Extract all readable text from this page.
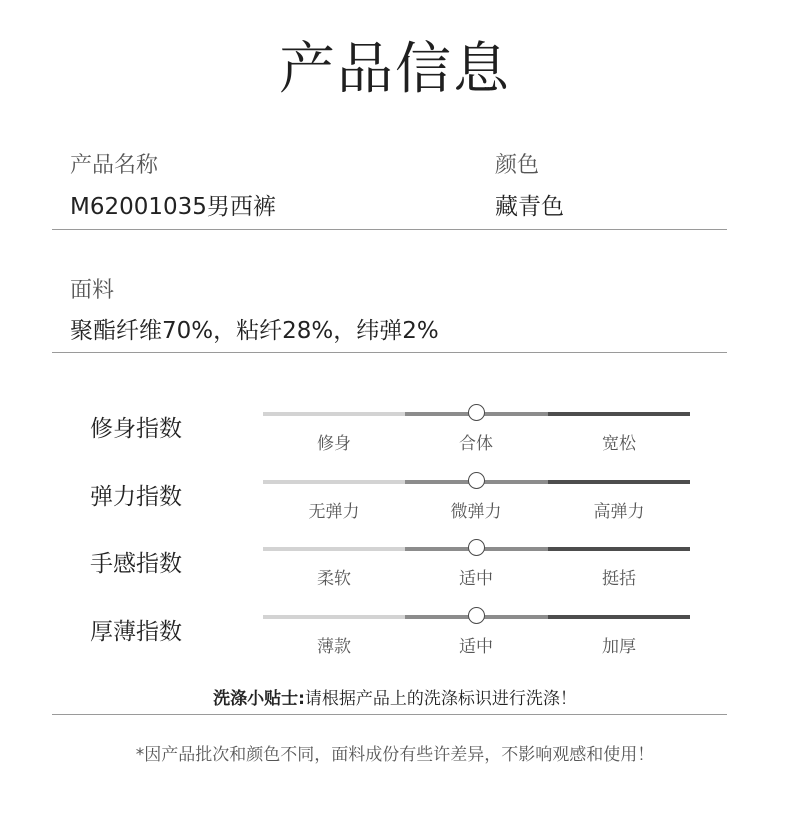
产品信息
产品名称
M62001035男西裤
颜色
藏青色
面料
聚酯纤维70%，粘纤28%，纬弹2%
修身指数
修身	合体	宽松
弹力指数
无弹力	微弹力	高弹力
手感指数
柔软	适中	挺括
厚薄指数
薄款	适中	加厚
洗涤小贴士:请根据产品上的洗涤标识进行洗涤！
*因产品批次和颜色不同，面料成份有些许差异，不影响观感和使用！
